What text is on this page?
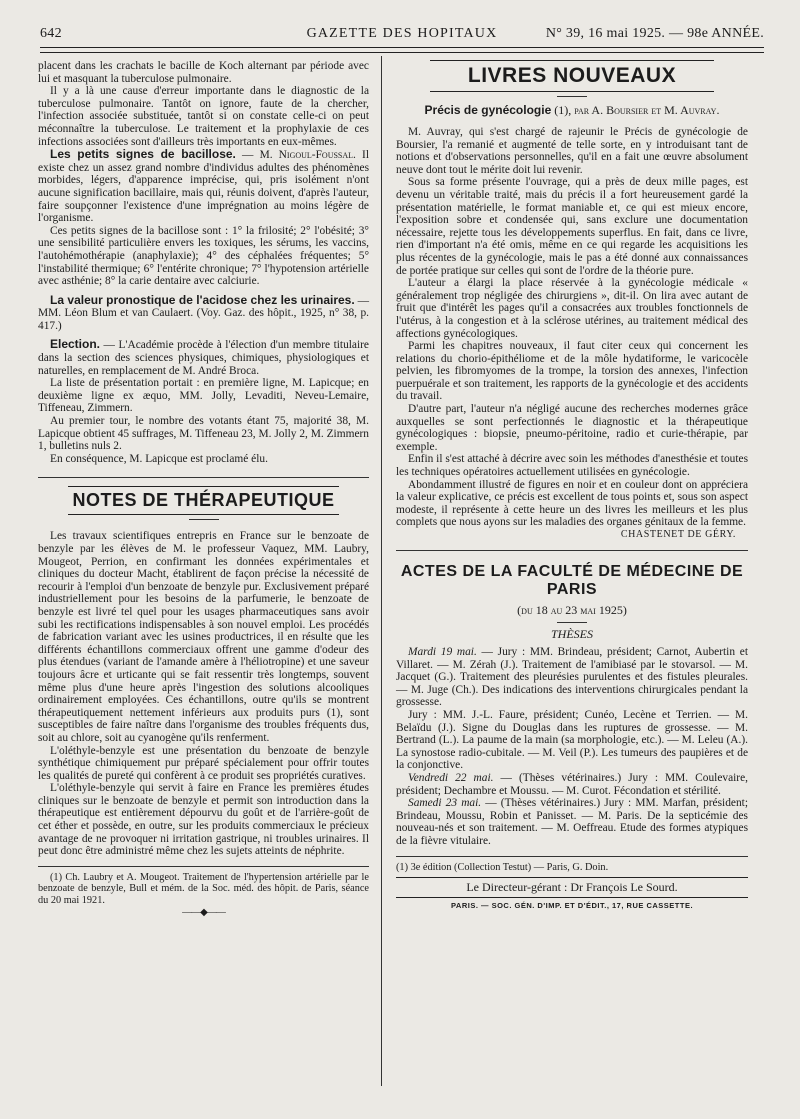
642	GAZETTE DES HOPITAUX	N° 39, 16 mai 1925. — 98e ANNÉE.

placent dans les crachats le bacille de Koch alternant par période avec lui et masquant la tuberculose pulmonaire.

Il y a là une cause d'erreur importante dans le diagnostic de la tuberculose pulmonaire. Tantôt on ignore, faute de la chercher, l'infection associée substituée, tantôt si on constate celle-ci on peut méconnaître la tuberculose. Le traitement et la prophylaxie de ces infections associées sont d'ailleurs très importants en eux-mêmes.

Les petits signes de bacillose. — M. Nigoul-Foussal. Il existe chez un assez grand nombre d'individus adultes des phénomènes morbides, légers, d'apparence imprécise, qui, pris isolément n'ont aucune signification bacillaire, mais qui, réunis doivent, d'après l'auteur, faire soupçonner l'existence d'une imprégnation au moins légère de l'organisme.

Ces petits signes de la bacillose sont : 1° la frilosité; 2° l'obésité; 3° une sensibilité particulière envers les toxiques, les sérums, les vaccins, l'autohémothérapie (anaphylaxie); 4° des céphalées fréquentes; 5° l'instabilité thermique; 6° l'entérite chronique; 7° l'hypotension artérielle avec asthénie; 8° la carie dentaire avec calciurie.

La valeur pronostique de l'acidose chez les urinaires. — MM. Léon Blum et van Caulaert. (Voy. Gaz. des hôpit., 1925, n° 38, p. 417.)

Election. — L'Académie procède à l'élection d'un membre titulaire dans la section des sciences physiques, chimiques, physiologiques et naturelles, en remplacement de M. André Broca.

La liste de présentation portait : en première ligne, M. Lapicque; en deuxième ligne ex æquo, MM. Jolly, Levaditi, Neveu-Lemaire, Tiffeneau, Zimmern.

Au premier tour, le nombre des votants étant 75, majorité 38, M. Lapicque obtient 45 suffrages, M. Tiffeneau 23, M. Jolly 2, M. Zimmern 1, bulletins nuls 2.

En conséquence, M. Lapicque est proclamé élu.

NOTES DE THÉRAPEUTIQUE

Les travaux scientifiques entrepris en France sur le benzoate de benzyle par les élèves de M. le professeur Vaquez, MM. Laubry, Mougeot, Perrion, en confirmant les données expérimentales et cliniques du docteur Macht, établirent de façon précise la nécessité de recourir à l'emploi d'un benzoate de benzyle pur. Exclusivement préparé industriellement pour les besoins de la parfumerie, le benzoate de benzyle est livré tel quel pour les usages pharmaceutiques sans avoir subi les rectifications indispensables à son nouvel emploi. Les procédés de fabrication variant avec les usines productrices, il en résulte que les différents échantillons commerciaux offrent une gamme d'odeur des plus étendues (variant de l'amande amère à l'héliotropine) et une saveur toujours âcre et urticante qui se fait ressentir très longtemps, souvent même plus d'une heure après l'ingestion des solutions alcooliques ordinairement employées. Ces échantillons, outre qu'ils se montrent thérapeutiquement nettement inférieurs aux produits purs (1), sont susceptibles de faire naître dans l'organisme des troubles fréquents dus, soit au chlore, soit au cyanogène qu'ils renferment.

L'oléthyle-benzyle est une présentation du benzoate de benzyle synthétique chimiquement pur préparé spécialement pour offrir toutes les qualités de pureté qui confèrent à ce produit ses propriétés curatives.

L'oléthyle-benzyle qui servit à faire en France les premières études cliniques sur le benzoate de benzyle et permit son introduction dans la thérapeutique est entièrement dépourvu du goût et de l'arrière-goût de cet éther et possède, en outre, sur les produits commerciaux le précieux avantage de ne provoquer ni irritation gastrique, ni troubles urinaires. Il peut donc être administré même chez les sujets atteints de néphrite.

(1) Ch. Laubry et A. Mougeot. Traitement de l'hypertension artérielle par le benzoate de benzyle, Bull et mém. de la Soc. méd. des hôpit. de Paris, séance du 20 mai 1921.

——◆——
LIVRES NOUVEAUX
Précis de gynécologie (1), par A. Boursier et M. Auvray.

M. Auvray, qui s'est chargé de rajeunir le Précis de gynécologie de Boursier, l'a remanié et augmenté de telle sorte, en y introduisant tant de notions et d'observations personnelles, qu'il en a fait une œuvre absolument neuve dont tout le mérite doit lui revenir.

Sous sa forme présente l'ouvrage, qui a près de deux mille pages, est devenu un véritable traité, mais du précis il a fort heureusement gardé la présentation matérielle, le format maniable et, ce qui est mieux encore, l'exposition sobre et condensée qui, sans exclure une documentation nécessaire, rejette tous les développements superflus. En fait, dans ce livre, rien d'important n'a été omis, même en ce qui regarde les acquisitions les plus récentes de la gynécologie, mais le pas a été donné aux connaissances de portée pratique sur celles qui sont de l'ordre de la théorie pure.

L'auteur a élargi la place réservée à la gynécologie médicale « généralement trop négligée des chirurgiens », dit-il. On lira avec autant de fruit que d'intérêt les pages qu'il a consacrées aux troubles fonctionnels de l'utérus, à la congestion et à la sclérose utérines, au traitement médical des affections gynécologiques.

Parmi les chapitres nouveaux, il faut citer ceux qui concernent les relations du chorio-épithéliome et de la môle hydatiforme, le varicocèle pelvien, les fibromyomes de la trompe, la torsion des annexes, l'infection puerpuérale et son traitement, les rapports de la gynécologie et des accidents du travail.

D'autre part, l'auteur n'a négligé aucune des recherches modernes grâce auxquelles se sont perfectionnés le diagnostic et la thérapeutique gynécologiques : biopsie, pneumo-péritoine, radio et curie-thérapie, par exemple.

Enfin il s'est attaché à décrire avec soin les méthodes d'anesthésie et toutes les techniques opératoires actuellement utilisées en gynécologie.

Abondamment illustré de figures en noir et en couleur dont on appréciera la valeur explicative, ce précis est excellent de tous points et, sous son aspect modeste, il représente à cette heure un des livres les meilleurs et les plus complets que nous ayons sur les maladies des organes génitaux de la femme.

CHASTENET DE GÉRY.
ACTES DE LA FACULTÉ DE MÉDECINE DE PARIS
(du 18 au 23 mai 1925)
THÈSES

Mardi 19 mai. — Jury : MM. Brindeau, président; Carnot, Aubertin et Villaret. — M. Zérah (J.). Traitement de l'amibiasé par le stovarsol. — M. Jacquet (G.). Traitement des pleurésies purulentes et des fistules pleurales. — M. Juge (Ch.). Des indications des interventions chirurgicales pendant la grossesse.

Jury : MM. J.-L. Faure, président; Cunéo, Lecène et Terrien. — M. Belaïdu (J.). Signe du Douglas dans les ruptures de grossesse. — M. Bertrand (L.). La paume de la main (sa morphologie, etc.). — M. Leleu (A.). La synostose radio-cubitale. — M. Veil (P.). Les tumeurs des paupières et de la conjonctive.

Vendredi 22 mai. — (Thèses vétérinaires.) Jury : MM. Coulevaire, président; Dechambre et Moussu. — M. Curot. Fécondation et stérilité.

Samedi 23 mai. — (Thèses vétérinaires.) Jury : MM. Marfan, président; Brindeau, Moussu, Robin et Panisset. — M. Paris. De la septicémie des nouveau-nés et son traitement. — M. Oeffreau. Etude des formes atypiques de la fièvre vitulaire.

(1) 3e édition (Collection Testut) — Paris, G. Doin.

Le Directeur-gérant : Dr François Le Sourd.
PARIS. — SOC. GÉN. D'IMP. ET D'ÉDIT., 17, RUE CASSETTE.
